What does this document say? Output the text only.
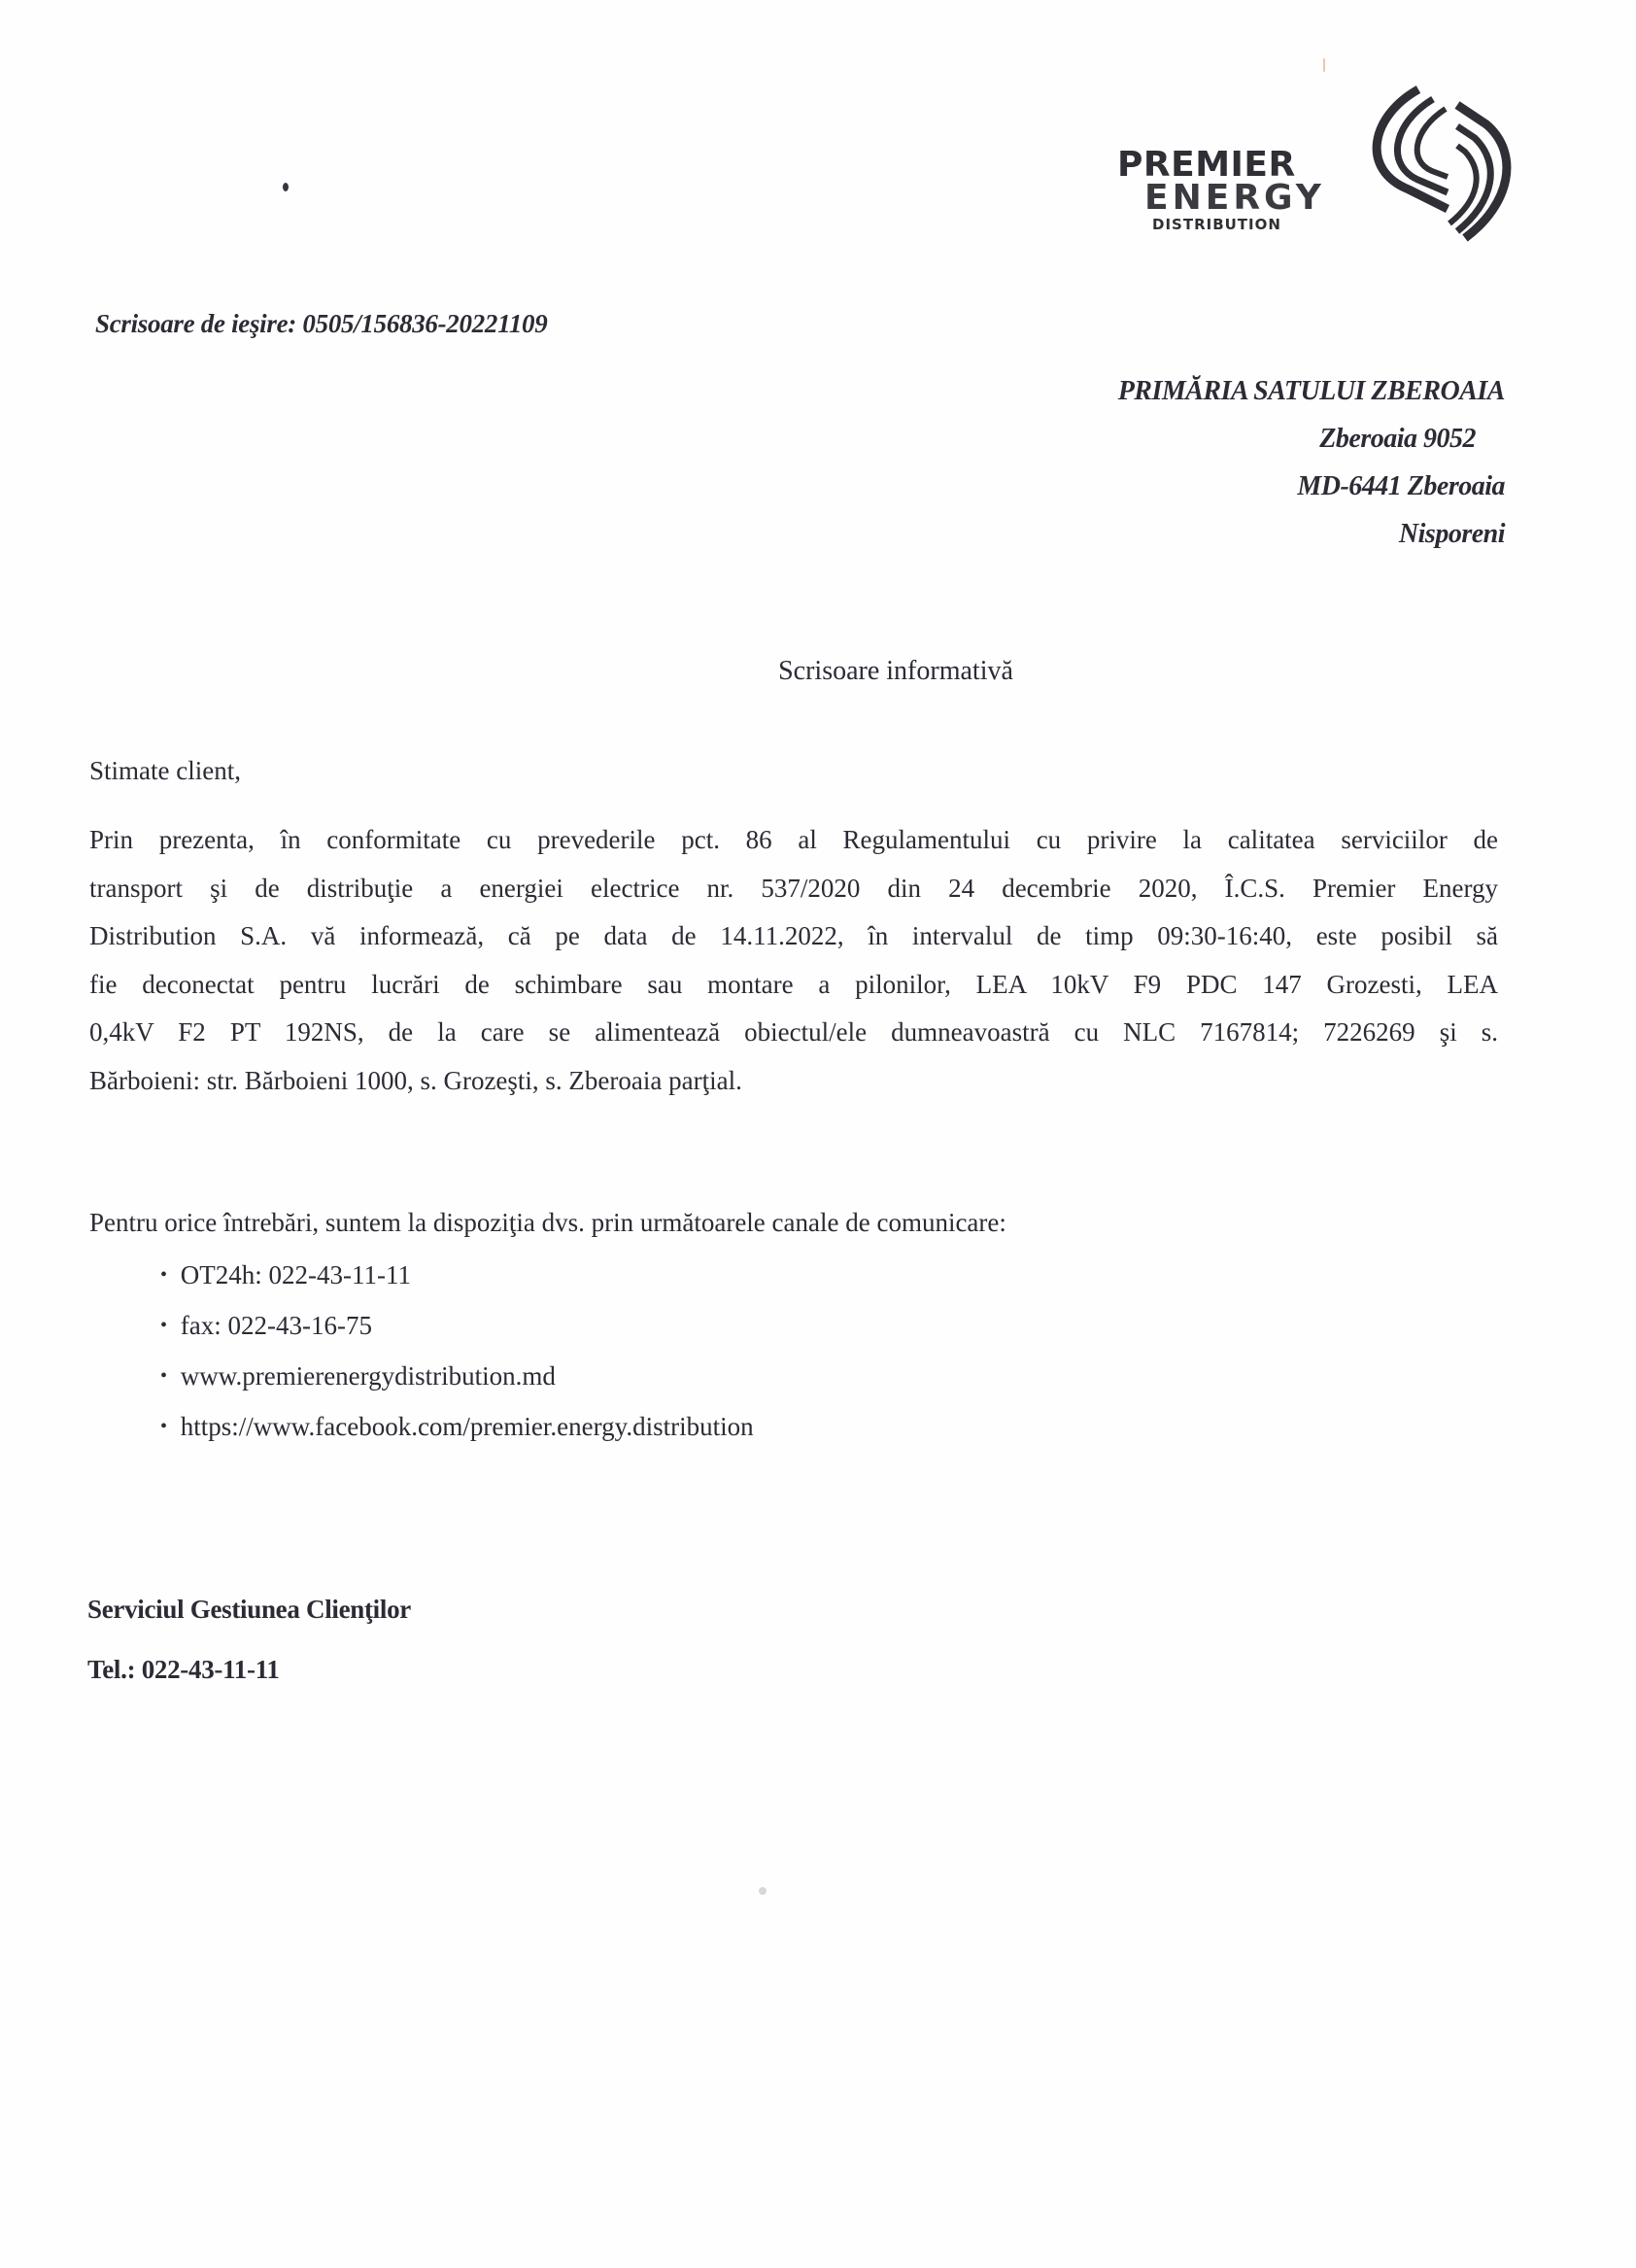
PREMIER
ENERGY
DISTRIBUTION
Scrisoare de ieşire: 0505/156836-20221109
PRIMĂRIA SATULUI ZBEROAIA
Zberoaia 9052
MD-6441 Zberoaia
Nisporeni
Scrisoare informativă
Stimate client,
Prin prezenta, în conformitate cu prevederile pct. 86 al Regulamentului cu privire la calitatea serviciilor de
transport şi de distribuţie a energiei electrice nr. 537/2020 din 24 decembrie 2020, Î.C.S. Premier Energy
Distribution S.A. vă informează, că pe data de 14.11.2022, în intervalul de timp 09:30-16:40, este posibil să
fie deconectat pentru lucrări de schimbare sau montare a pilonilor, LEA 10kV F9 PDC 147 Grozesti, LEA
0,4kV F2 PT 192NS, de la care se alimentează obiectul/ele dumneavoastră cu NLC 7167814; 7226269 şi s.
Bărboieni: str. Bărboieni 1000, s. Grozeşti, s. Zberoaia parţial.
Pentru orice întrebări, suntem la dispoziţia dvs. prin următoarele canale de comunicare:
• OT24h: 022-43-11-11
• fax: 022-43-16-75
• www.premierenergydistribution.md
• https://www.facebook.com/premier.energy.distribution
Serviciul Gestiunea Clienţilor
Tel.: 022-43-11-11
